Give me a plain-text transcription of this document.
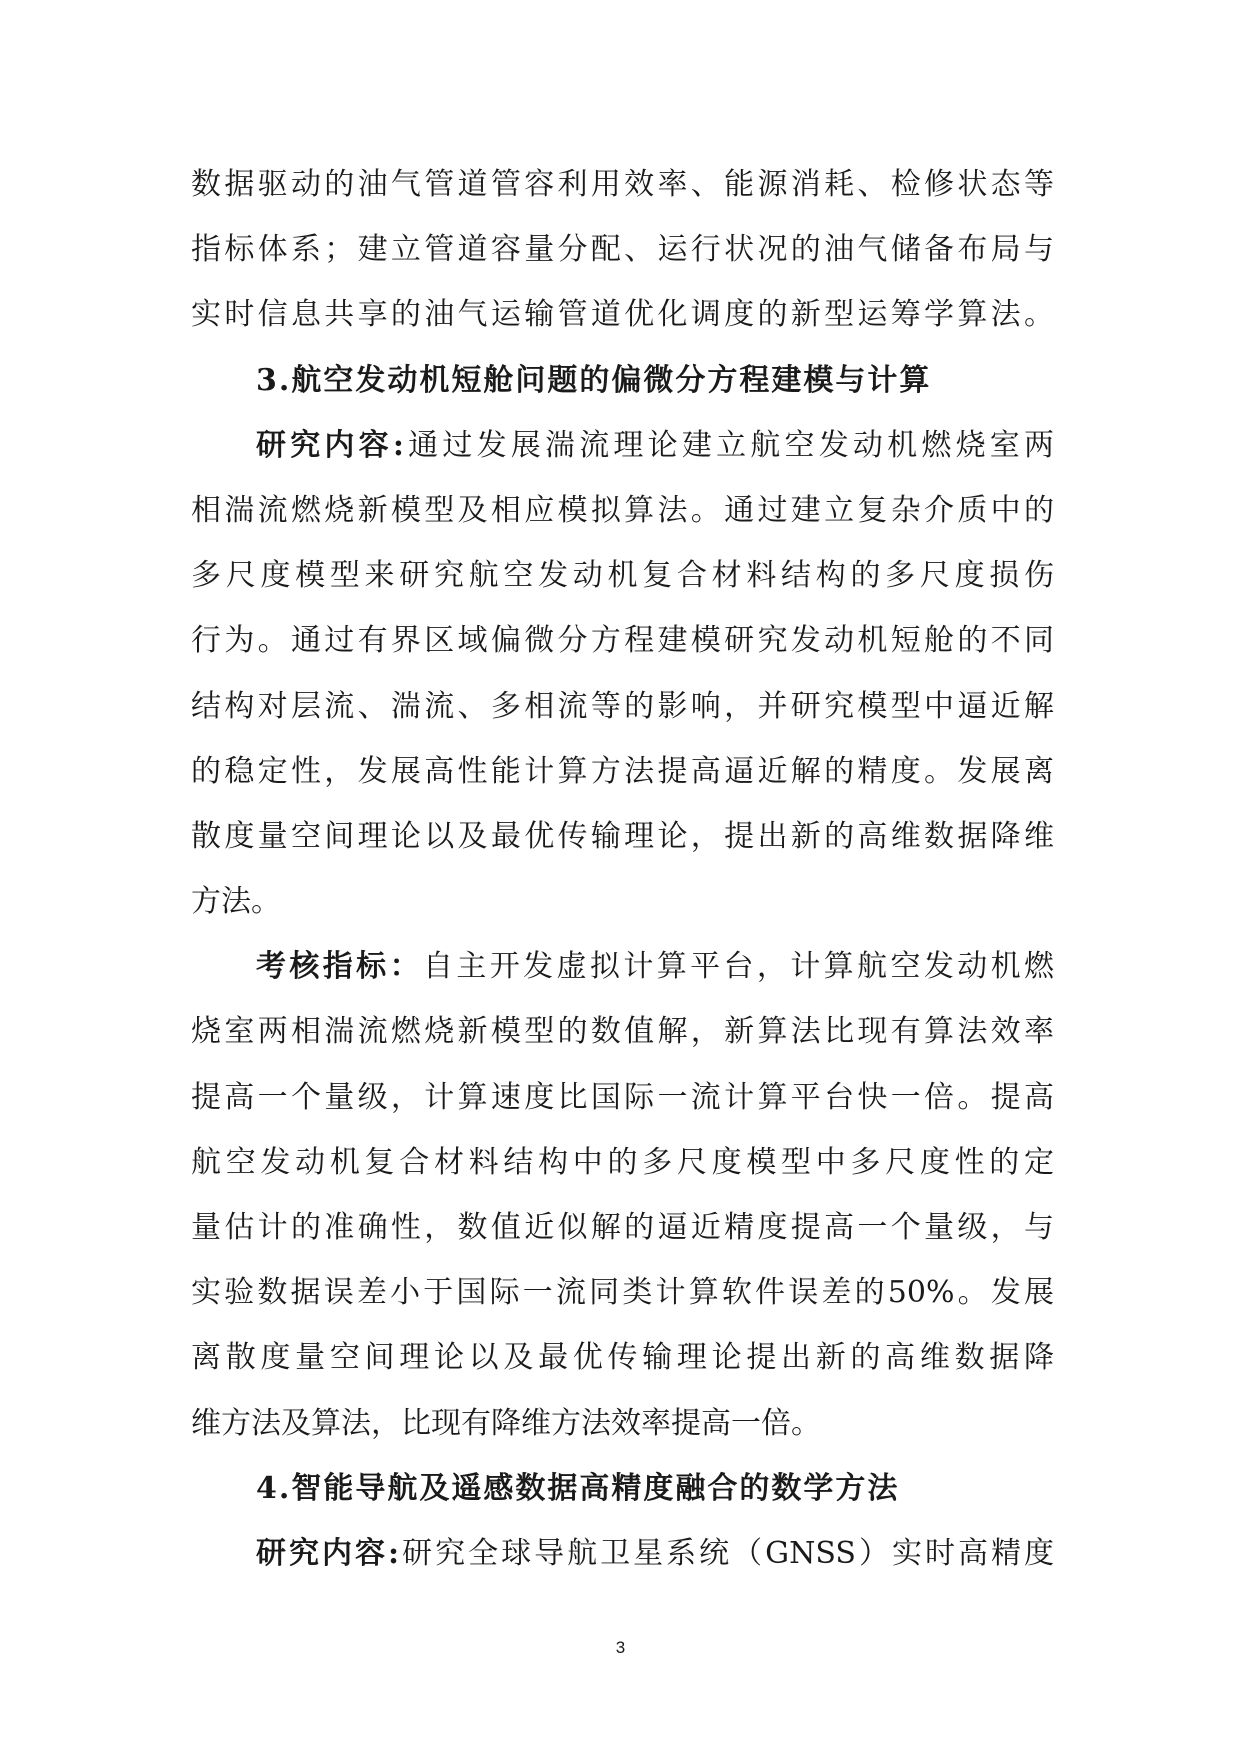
数据驱动的油气管道管容利用效率、能源消耗、检修状态等
指标体系；建立管道容量分配、运行状况的油气储备布局与
实时信息共享的油气运输管道优化调度的新型运筹学算法。
3.航空发动机短舱问题的偏微分方程建模与计算
研究内容:通过发展湍流理论建立航空发动机燃烧室两
相湍流燃烧新模型及相应模拟算法。通过建立复杂介质中的
多尺度模型来研究航空发动机复合材料结构的多尺度损伤
行为。通过有界区域偏微分方程建模研究发动机短舱的不同
结构对层流、湍流、多相流等的影响，并研究模型中逼近解
的稳定性，发展高性能计算方法提高逼近解的精度。发展离
散度量空间理论以及最优传输理论，提出新的高维数据降维
方法。
考核指标：自主开发虚拟计算平台，计算航空发动机燃
烧室两相湍流燃烧新模型的数值解，新算法比现有算法效率
提高一个量级，计算速度比国际一流计算平台快一倍。提高
航空发动机复合材料结构中的多尺度模型中多尺度性的定
量估计的准确性，数值近似解的逼近精度提高一个量级，与
实验数据误差小于国际一流同类计算软件误差的50%。发展
离散度量空间理论以及最优传输理论提出新的高维数据降
维方法及算法，比现有降维方法效率提高一倍。
4.智能导航及遥感数据高精度融合的数学方法
研究内容:研究全球导航卫星系统（GNSS）实时高精度
3
